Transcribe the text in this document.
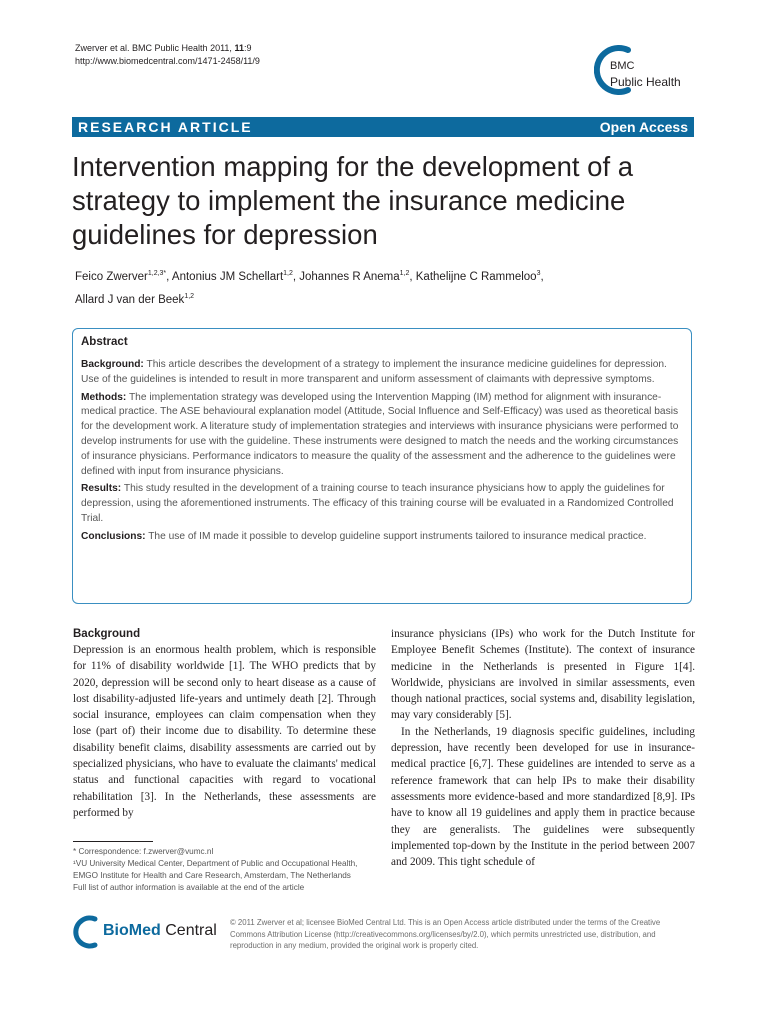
Zwerver et al. BMC Public Health 2011, 11:9
http://www.biomedcentral.com/1471-2458/11/9	BMC
Public Health
RESEARCH ARTICLE	Open Access
Intervention mapping for the development of a strategy to implement the insurance medicine guidelines for depression
Feico Zwerver$^{1,2,3*}$, Antonius JM Schellart$^{1,2}$, Johannes R Anema$^{1,2}$, Kathelijne C Rammeloo$^3$,
Allard J van der Beek$^{1,2}$
Abstract

Background: This article describes the development of a strategy to implement the insurance medicine guidelines for depression. Use of the guidelines is intended to result in more transparent and uniform assessment of claimants with depressive symptoms.

Methods: The implementation strategy was developed using the Intervention Mapping (IM) method for alignment with insurance-medical practice. The ASE behavioural explanation model (Attitude, Social Influence and Self-Efficacy) was used as theoretical basis for the development work. A literature study of implementation strategies and interviews with insurance physicians were performed to develop instruments for use with the guideline. These instruments were designed to match the needs and the working circumstances of insurance physicians. Performance indicators to measure the quality of the assessment and the adherence to the guidelines were defined with input from insurance physicians.

Results: This study resulted in the development of a training course to teach insurance physicians how to apply the guidelines for depression, using the aforementioned instruments. The efficacy of this training course will be evaluated in a Randomized Controlled Trial.

Conclusions: The use of IM made it possible to develop guideline support instruments tailored to insurance medical practice.

Background

Depression is an enormous health problem, which is responsible for 11% of disability worldwide [1]. The WHO predicts that by 2020, depression will be second only to heart disease as a cause of lost disability-adjusted life-years and untimely death [2]. Through social insurance, employees can claim compensation when they lose (part of) their income due to disability. To determine these disability benefit claims, disability assessments are carried out by specialized physicians, who have to evaluate the claimants' medical status and functional capacities with regard to vocational rehabilitation [3]. In the Netherlands, these assessments are performed by

insurance physicians (IPs) who work for the Dutch Institute for Employee Benefit Schemes (Institute). The context of insurance medicine in the Netherlands is presented in Figure 1[4]. Worldwide, physicians are involved in similar assessments, even though national practices, social systems and, disability legislation, may vary considerably [5].

In the Netherlands, 19 diagnosis specific guidelines, including depression, have recently been developed for use in insurance-medical practice [6,7]. These guidelines are intended to serve as a reference framework that can help IPs to make their disability assessments more evidence-based and more standardized [8,9]. IPs have to know all 19 guidelines and apply them in practice because they are generalists. The guidelines were subsequently implemented top-down by the Institute in the period between 2007 and 2009. This tight schedule of

* Correspondence: f.zwerver@vumc.nl

¹VU University Medical Center, Department of Public and Occupational Health, EMGO Institute for Health and Care Research, Amsterdam, The Netherlands

Full list of author information is available at the end of the article

BioMed Central © 2011 Zwerver et al; licensee BioMed Central Ltd. This is an Open Access article distributed under the terms of the Creative Commons Attribution License (http://creativecommons.org/licenses/by/2.0), which permits unrestricted use, distribution, and reproduction in any medium, provided the original work is properly cited.
